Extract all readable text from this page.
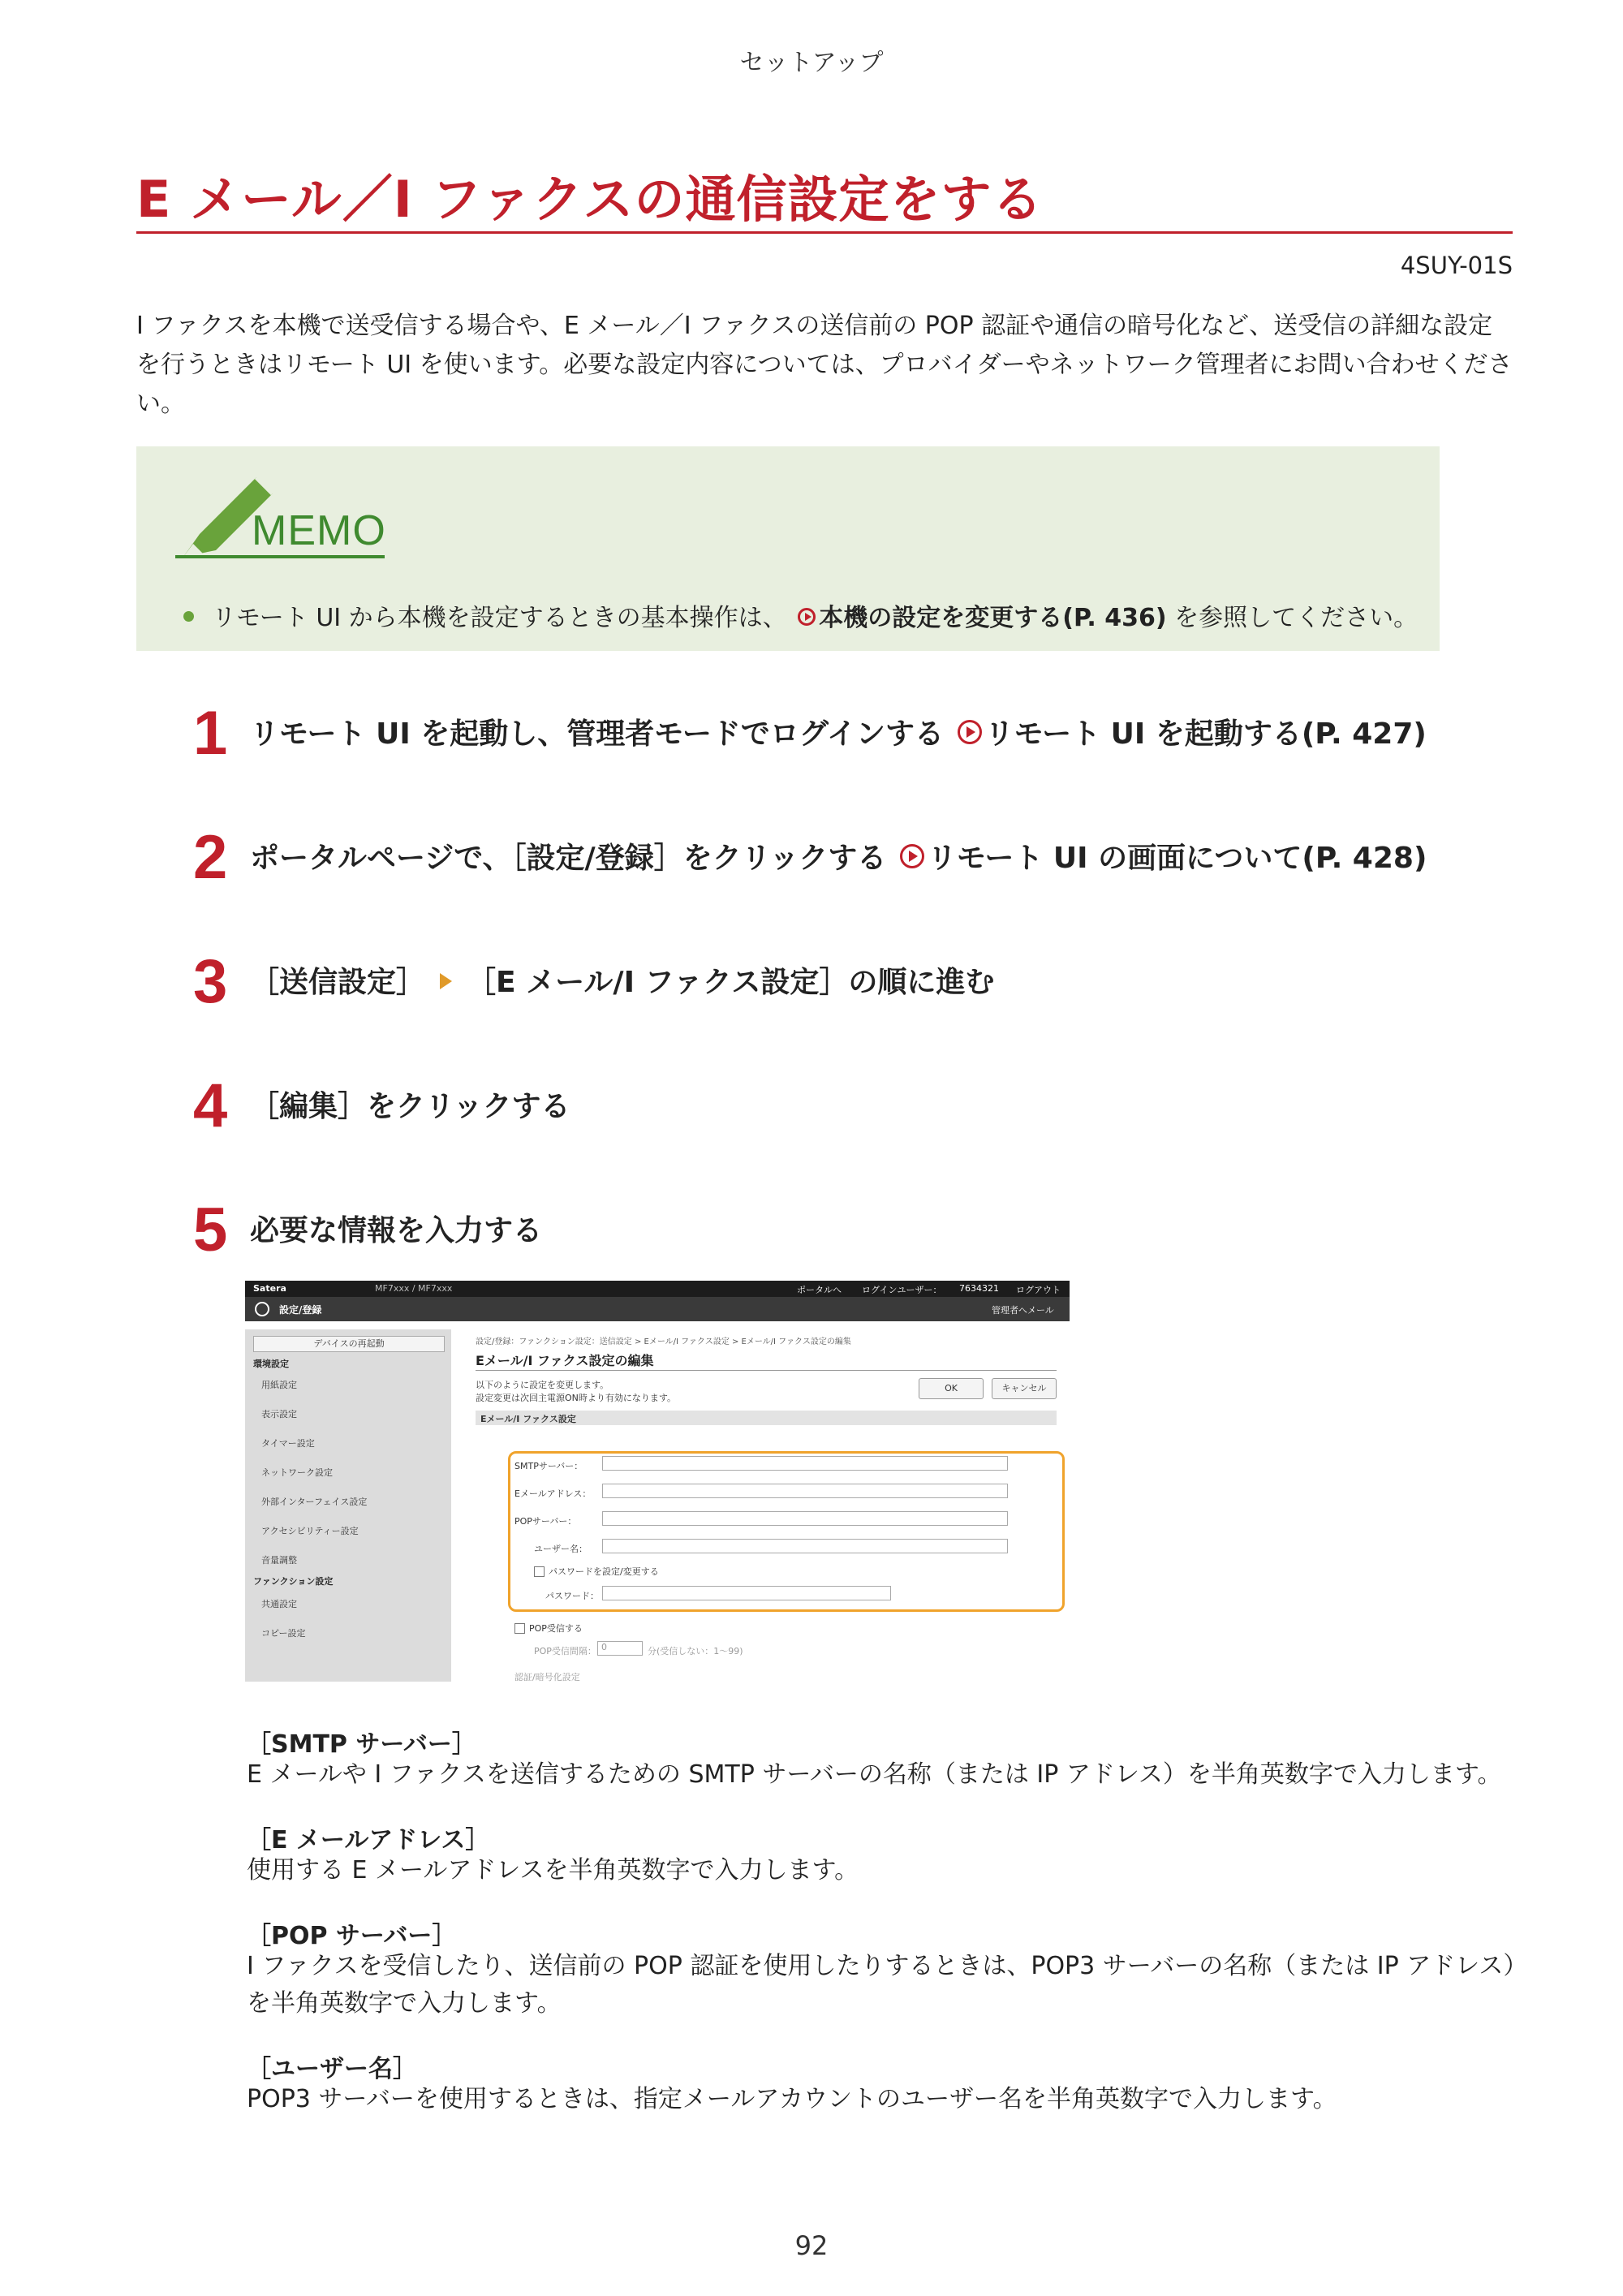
セットアップ
E メール／I ファクスの通信設定をする
4SUY-01S
I ファクスを本機で送受信する場合や、E メール／I ファクスの送信前の POP 認証や通信の暗号化など、送受信の詳細な設定を行うときはリモート UI を使います。必要な設定内容については、プロバイダーやネットワーク管理者にお問い合わせください。
MEMO
リモート UI から本機を設定するときの基本操作は、 本機の設定を変更する(P. 436) を参照してください。
1 リモート UI を起動し、管理者モードでログインする リモート UI を起動する(P. 427)
2 ポータルページで、［設定/登録］をクリックする リモート UI の画面について(P. 428)
3 ［送信設定］ ［E メール/I ファクス設定］の順に進む
4 ［編集］をクリックする
5 必要な情報を入力する
Satera	MF7xxx / MF7xxx	ポータルへ ログインユーザー： 7634321 ログアウト
設定/登録	管理者へメール
デバイスの再起動
環境設定
用紙設定
表示設定
タイマー設定
ネットワーク設定
外部インターフェイス設定
アクセシビリティー設定
音量調整
ファンクション設定
共通設定
コピー設定
設定/登録：ファンクション設定：送信設定 > Eメール/I ファクス設定 > Eメール/I ファクス設定の編集
Eメール/I ファクス設定の編集
以下のように設定を変更します。
設定変更は次回主電源ON時より有効になります。
OK	キャンセル
Eメール/I ファクス設定
SMTPサーバー：
Eメールアドレス：
POPサーバー：
ユーザー名：
パスワードを設定/変更する
パスワード：
POP受信する
POP受信間隔： 0	分(受信しない：1〜99)
認証/暗号化設定
［SMTP サーバー］
E メールや I ファクスを送信するための SMTP サーバーの名称（または IP アドレス）を半角英数字で入力します。
［E メールアドレス］
使用する E メールアドレスを半角英数字で入力します。
［POP サーバー］
I ファクスを受信したり、送信前の POP 認証を使用したりするときは、POP3 サーバーの名称（または IP アドレス）を半角英数字で入力します。
［ユーザー名］
POP3 サーバーを使用するときは、指定メールアカウントのユーザー名を半角英数字で入力します。
92
